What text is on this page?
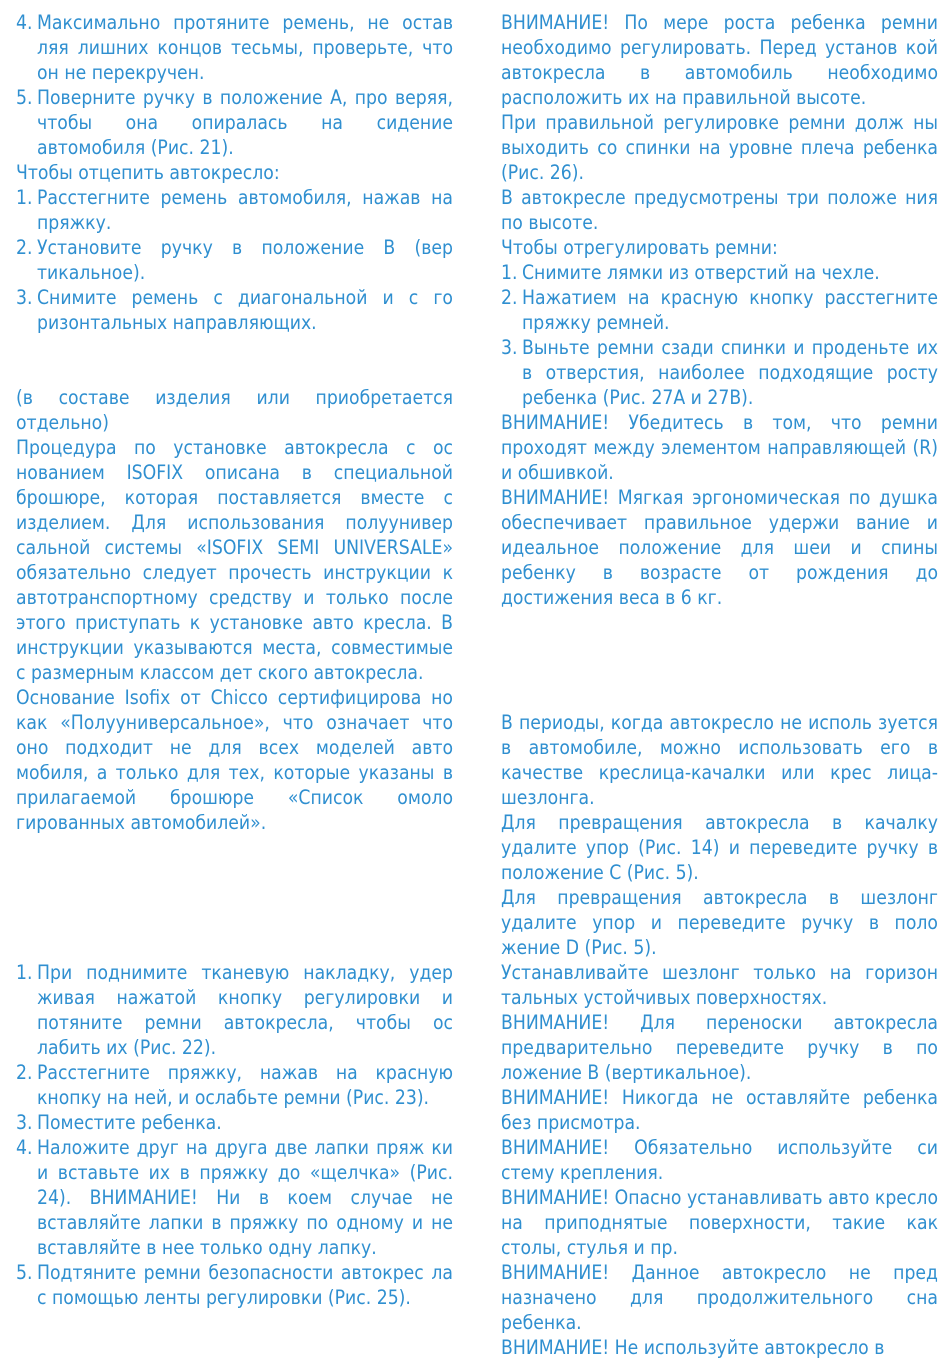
4. Максимально протяните ремень, не остав ляя лишних концов тесьмы, проверьте, что он не перекручен.
5. Поверните ручку в положение А, про веряя, чтобы она опиралась на сидение автомобиля (Рис. 21).

Чтобы отцепить автокресло:

1. Расстегните ремень автомобиля, нажав на пряжку.
2. Установите ручку в положение В (вер тикальное).
3. Снимите ремень с диагональной и с го ризонтальных направляющих.

(в составе изделия или приобретается отдельно)

Процедура по установке автокресла с ос нованием ISOFIX описана в специальной брошюре, которая поставляется вместе с изделием. Для использования полуунивер сальной системы «ISOFIX SEMI UNIVERSALE» обязательно следует прочесть инструкции к автотранспортному средству и только после этого приступать к установке авто кресла. В инструкции указываются места, совместимые с размерным классом дет ского автокресла.

Основание Isofix от Chicco сертифицирова но как «Полууниверсальное», что означает что оно подходит не для всех моделей авто мобиля, а только для тех, которые указаны в прилагаемой брошюре «Список омоло гированных автомобилей».

1. При поднимите тканевую накладку, удер живая нажатой кнопку регулировки и потяните ремни автокресла, чтобы ос лабить их (Рис. 22).
2. Расстегните пряжку, нажав на красную кнопку на ней, и ослабьте ремни (Рис. 23).
3. Поместите ребенка.
4. Наложите друг на друга две лапки пряж ки и вставьте их в пряжку до «щелчка» (Рис. 24). ВНИМАНИЕ! Ни в коем случае не вставляйте лапки в пряжку по одному и не вставляйте в нее только одну лапку.
5. Подтяните ремни безопасности автокрес ла с помощью ленты регулировки (Рис. 25).

ВНИМАНИЕ! По мере роста ребенка ремни необходимо регулировать. Перед установ кой автокресла в автомобиль необходимо расположить их на правильной высоте.

При правильной регулировке ремни долж ны выходить со спинки на уровне плеча ребенка (Рис. 26).

В автокресле предусмотрены три положе ния по высоте.

Чтобы отрегулировать ремни:

1. Снимите лямки из отверстий на чехле.
2. Нажатием на красную кнопку расстегните пряжку ремней.
3. Выньте ремни сзади спинки и проденьте их в отверстия, наиболее подходящие росту ребенка (Рис. 27A и 27B).

ВНИМАНИЕ! Убедитесь в том, что ремни проходят между элементом направляющей (R) и обшивкой.

ВНИМАНИЕ! Мягкая эргономическая по душка обеспечивает правильное удержи вание и идеальное положение для шеи и спины ребенку в возрасте от рождения до достижения веса в 6 кг.

В периоды, когда автокресло не исполь зуется в автомобиле, можно использовать его в качестве креслица-качалки или крес лица-шезлонга.

Для превращения автокресла в качалку удалите упор (Рис. 14) и переведите ручку в положение С (Рис. 5).

Для превращения автокресла в шезлонг удалите упор и переведите ручку в поло жение D (Рис. 5).

Устанавливайте шезлонг только на горизон тальных устойчивых поверхностях.

ВНИМАНИЕ! Для переноски автокресла предварительно переведите ручку в по ложение В (вертикальное).

ВНИМАНИЕ! Никогда не оставляйте ребенка без присмотра.

ВНИМАНИЕ! Обязательно используйте си стему крепления.

ВНИМАНИЕ! Опасно устанавливать авто кресло на приподнятые поверхности, такие как столы, стулья и пр.

ВНИМАНИЕ! Данное автокресло не пред назначено для продолжительного сна ребенка.

ВНИМАНИЕ! Не используйте автокресло в
